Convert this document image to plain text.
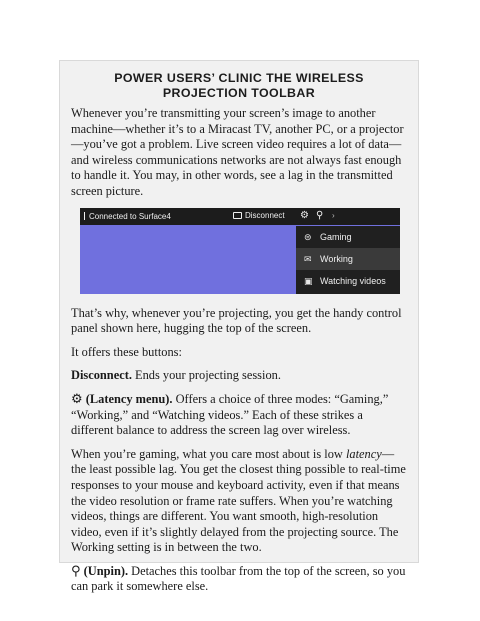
POWER USERS’ CLINIC THE WIRELESS PROJECTION TOOLBAR

Whenever you’re transmitting your screen’s image to another machine—whether it’s to a Miracast TV, another PC, or a projector—you’ve got a problem. Live screen video requires a lot of data—and wireless communications networks are not always fast enough to handle it. You may, in other words, see a lag in the transmitted screen picture.

Connected to Surface4	Disconnect ⚙ ⚲ ›
⊜ Gaming
✉ Working
▣ Watching videos

That’s why, whenever you’re projecting, you get the handy control panel shown here, hugging the top of the screen.

It offers these buttons:

Disconnect. Ends your projecting session.

⚙ (Latency menu). Offers a choice of three modes: “Gaming,” “Working,” and “Watching videos.” Each of these strikes a different balance to address the screen lag over wireless.

When you’re gaming, what you care most about is low latency—the least possible lag. You get the closest thing possible to real-time responses to your mouse and keyboard activity, even if that means the video resolution or frame rate suffers. When you’re watching videos, things are different. You want smooth, high-resolution video, even if it’s slightly delayed from the projecting source. The Working setting is in between the two.

⚲ (Unpin). Detaches this toolbar from the top of the screen, so you can park it somewhere else.
